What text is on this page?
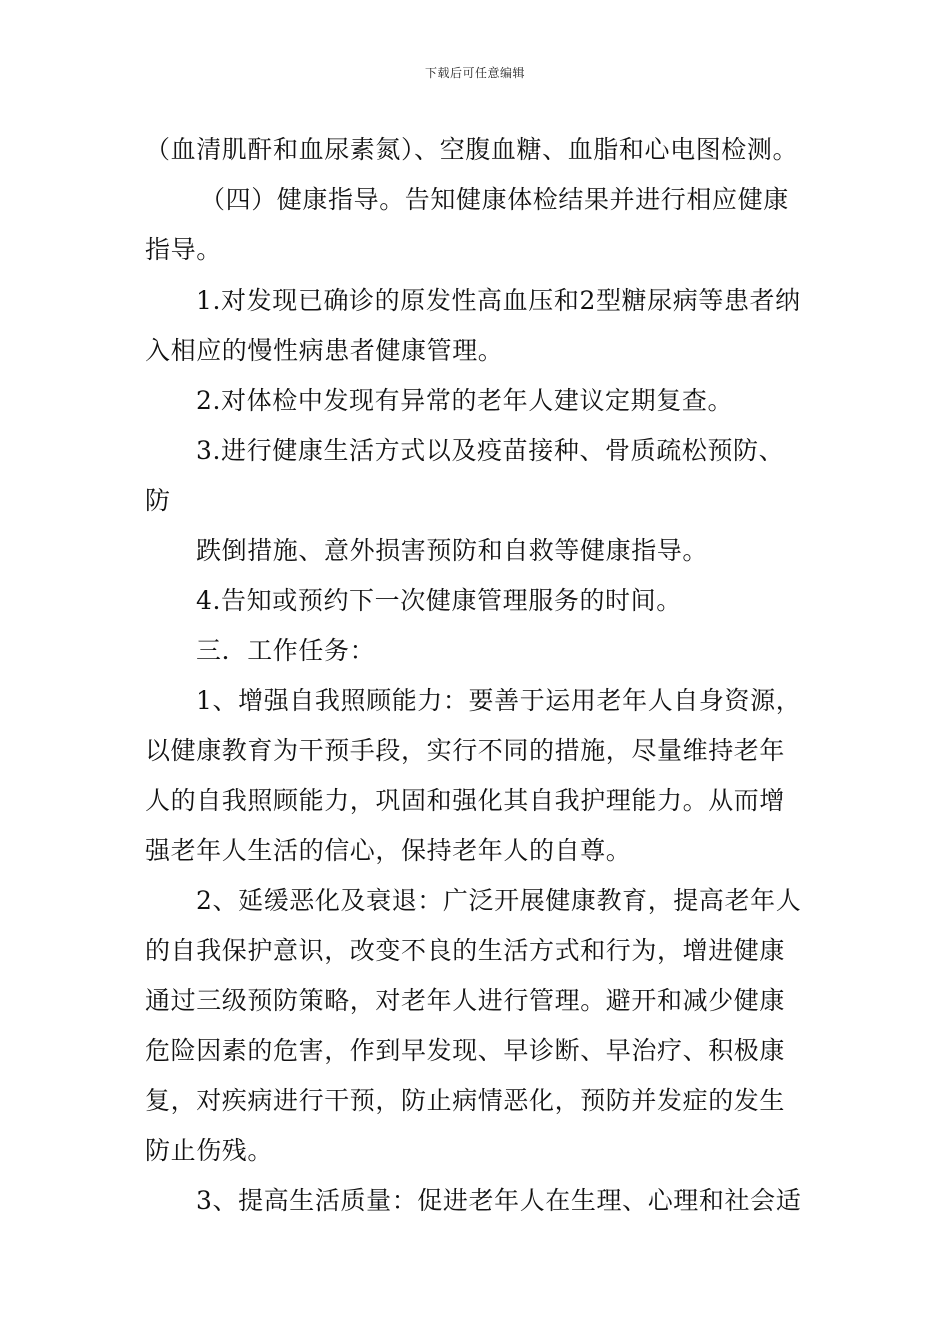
下载后可任意编辑
（血清肌酐和血尿素氮）、空腹血糖、血脂和心电图检测。
（四）健康指导。告知健康体检结果并进行相应健康
指导。
1.对发现已确诊的原发性高血压和2型糖尿病等患者纳
入相应的慢性病患者健康管理。
2.对体检中发现有异常的老年人建议定期复查。
3.进行健康生活方式以及疫苗接种、骨质疏松预防、
防
跌倒措施、意外损害预防和自救等健康指导。
4.告知或预约下一次健康管理服务的时间。
三．工作任务：
1、增强自我照顾能力：要善于运用老年人自身资源，
以健康教育为干预手段，实行不同的措施，尽量维持老年
人的自我照顾能力，巩固和强化其自我护理能力。从而增
强老年人生活的信心，保持老年人的自尊。
2、延缓恶化及衰退：广泛开展健康教育，提高老年人
的自我保护意识，改变不良的生活方式和行为，增进健康
通过三级预防策略，对老年人进行管理。避开和减少健康
危险因素的危害，作到早发现、早诊断、早治疗、积极康
复，对疾病进行干预，防止病情恶化，预防并发症的发生
防止伤残。
3、提高生活质量：促进老年人在生理、心理和社会适
